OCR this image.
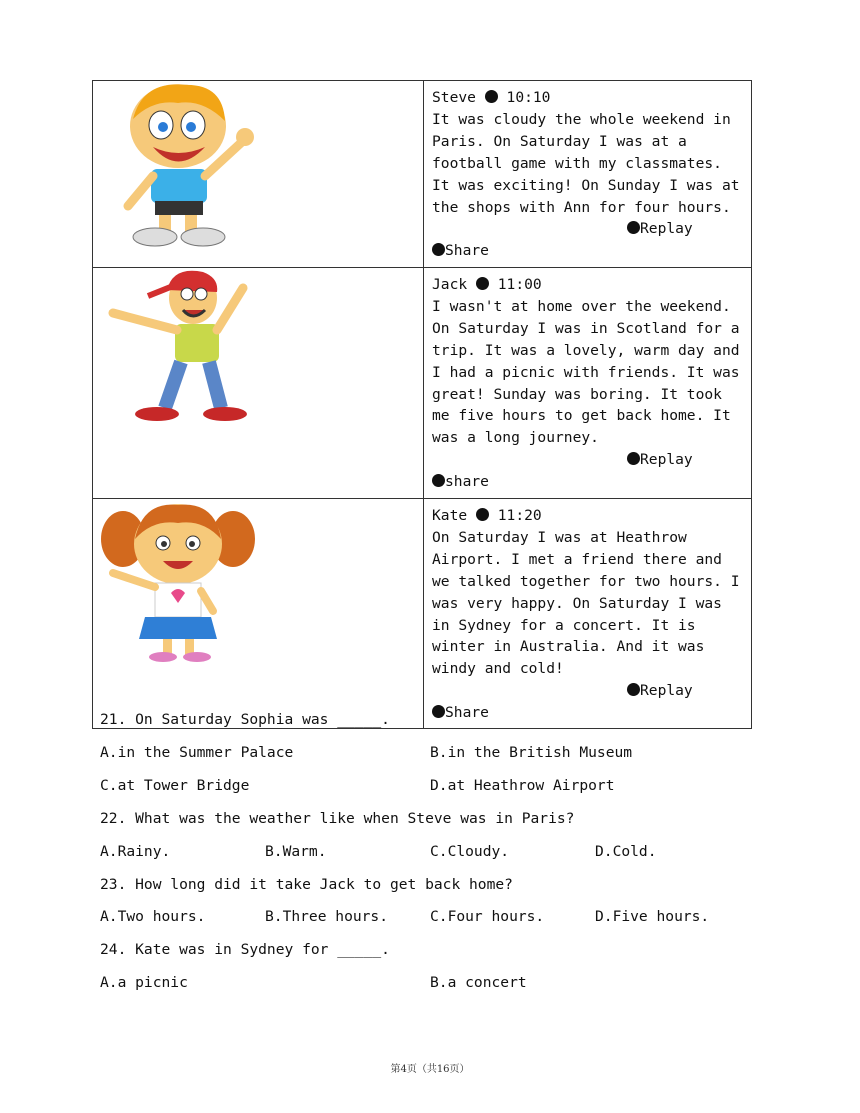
Steve 10:10

It was cloudy the whole weekend in Paris. On Saturday I was at a football game with my classmates. It was exciting! On Sunday I was at the shops with Ann for four hours.

Replay

Share

Jack 11:00

I wasn't at home over the weekend. On Saturday I was in Scotland for a trip. It was a lovely, warm day and I had a picnic with friends. It was great! Sunday was boring. It took me five hours to get back home. It was a long journey.

Replay

share

Kate 11:20

On Saturday I was at Heathrow Airport. I met a friend there and we talked together for two hours. I was very happy. On Saturday I was in Sydney for a concert. It is winter in Australia. And it was windy and cold!

Replay

Share

21. On Saturday Sophia was _____.
A.in the Summer Palace	B.in the British Museum
C.at Tower Bridge	D.at Heathrow Airport
22. What was the weather like when Steve was in Paris?
A.Rainy.	B.Warm.	C.Cloudy.	D.Cold.
23. How long did it take Jack to get back home?
A.Two hours.	B.Three hours.	C.Four hours.	D.Five hours.
24. Kate was in Sydney for _____.
A.a picnic	B.a concert
第4页（共16页）
